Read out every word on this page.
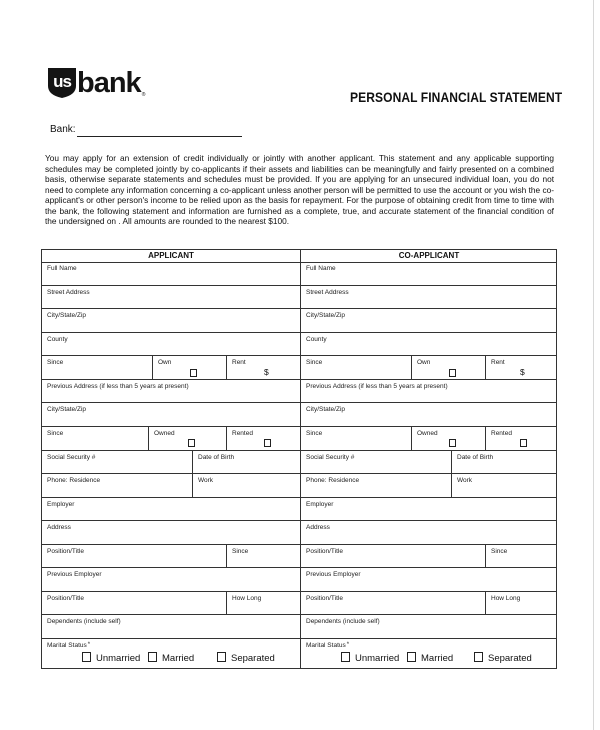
us bank ®	PERSONAL FINANCIAL STATEMENT
Bank:
You may apply for an extension of credit individually or jointly with another applicant. This statement and any applicable supporting schedules may be completed jointly by co-applicants if their assets and liabilities can be meaningfully and fairly presented on a combined basis, otherwise separate statements and schedules must be provided. If you are applying for an unsecured individual loan, you do not need to complete any information concerning a co-applicant unless another person will be permitted to use the account or you wish the co-applicant's or other person's income to be relied upon as the basis for repayment. For the purpose of obtaining credit from time to time with the bank, the following statement and information are furnished as a complete, true, and accurate statement of the financial condition of the undersigned on . All amounts are rounded to the nearest $100.
APPLICANT
Full Name
Street Address
City/State/Zip
County
Since	Own	Rent
$
Previous Address (if less than 5 years at present)
City/State/Zip
Since	Owned	Rented
Social Security #	Date of Birth
Phone: Residence	Work
Employer
Address
Position/Title	Since
Previous Employer
Position/Title	How Long
Dependents (include self)
Marital Status*
Unmarried Married	Separated
CO-APPLICANT
Full Name
Street Address
City/State/Zip
County
Since	Own	Rent
$
Previous Address (if less than 5 years at present)
City/State/Zip
Since	Owned	Rented
Social Security #	Date of Birth
Phone: Residence	Work
Employer
Address
Position/Title	Since
Previous Employer
Position/Title	How Long
Dependents (include self)
Marital Status*
Unmarried Married	Separated
